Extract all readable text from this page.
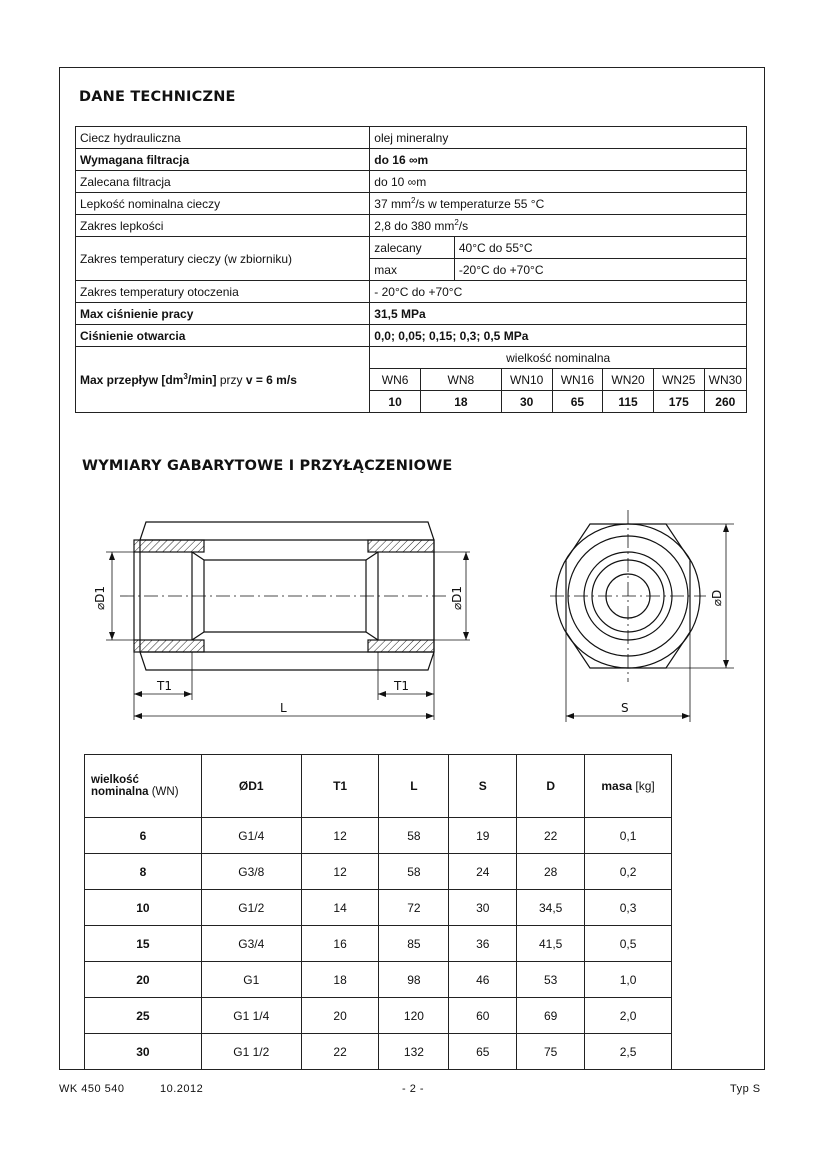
DANE TECHNICZNE
Ciecz hydrauliczna	olej mineralny							
Wymagana filtracja	do 16 ∞m							
Zalecana filtracja	do 10 ∞m							
Lepkość nominalna cieczy	37 $mm^2/s$ w temperaturze 55 °C							
Zakres lepkości	2,8 do 380 $mm^2/s$							
Zakres temperatury cieczy (w zbiorniku)	zalecany		40°C do 55°C					
	max		-20°C do +70°C					
Zakres temperatury otoczenia	- 20°C do +70°C							
Max ciśnienie pracy	31,5 MPa							
Ciśnienie otwarcia	0,0; 0,05; 0,15; 0,3; 0,5 MPa							
Max przepływ $[dm^3/\min]$ przy v = 6 m/s	wielkość nominalna							
	WN6	WN8		WN10	WN16	WN20	WN25	WN30
	10	18		30	65	115	175	260
WYMIARY GABARYTOWE I PRZYŁĄCZENIOWE
⌀D1	⌀D1
T1	T1
L	S
⌀D
wielkość
nominalna (WN)	ØD1	T1	L	S	D	masa [kg]
6	G1/4	12	58	19	22	0,1
8	G3/8	12	58	24	28	0,2
10	G1/2	14	72	30	34,5	0,3
15	G3/4	16	85	36	41,5	0,5
20	G1	18	98	46	53	1,0
25	G1 1/4	20	120	60	69	2,0
30	G1 1/2	22	132	65	75	2,5
WK 450 540	10.2012	- 2 -	Typ S
